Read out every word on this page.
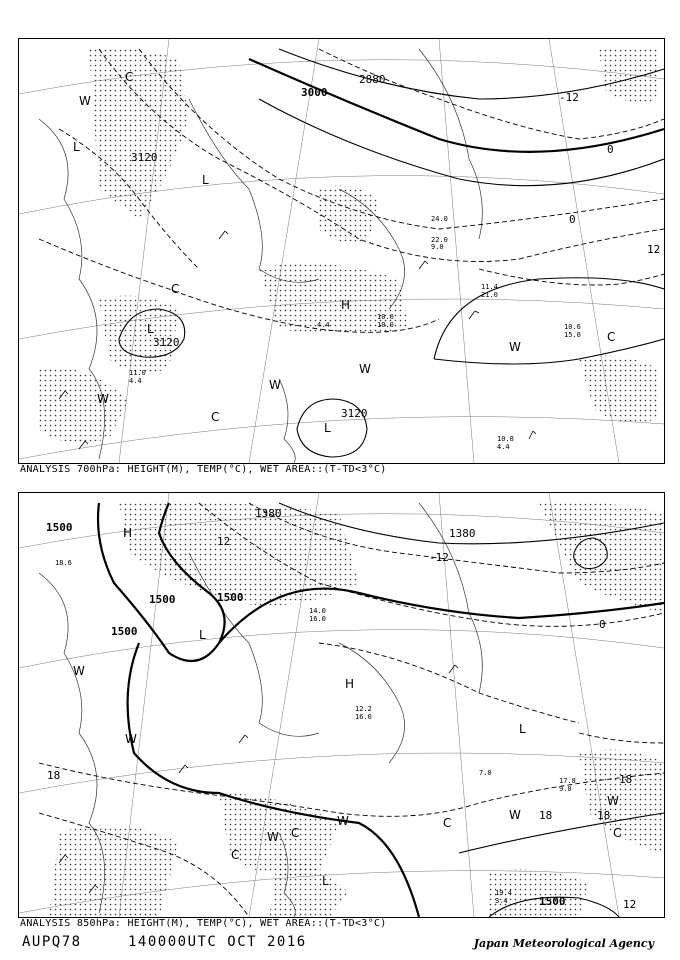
3000
2880
3120
3120
3120
0
0
12
-12
L
L
L
L
H
W
W
W
W
W
C
C
C
C
11.4
21.0
10.6
15.0
10.0
10.0
4.4
10.8
4.4
11.0
4.4
24.0
22.0
9.0
ANALYSIS 700hPa: HEIGHT(M), TEMP(°C), WET AREA::(T-TD<3°C)
1500
1500	1500
1500
1380
1380
1500
12
-12
0
18
18	18
18
12
H
H
L
L
L
W
W
W
W	W
W
C
C
C	C
12.2
16.0
17.8
9.0
19.4
3.4
18.6
7.0
14.0
16.0
ANALYSIS 850hPa: HEIGHT(M), TEMP(°C), WET AREA::(T-TD<3°C)
AUPQ78	140000UTC OCT 2016	Japan Meteorological Agency
